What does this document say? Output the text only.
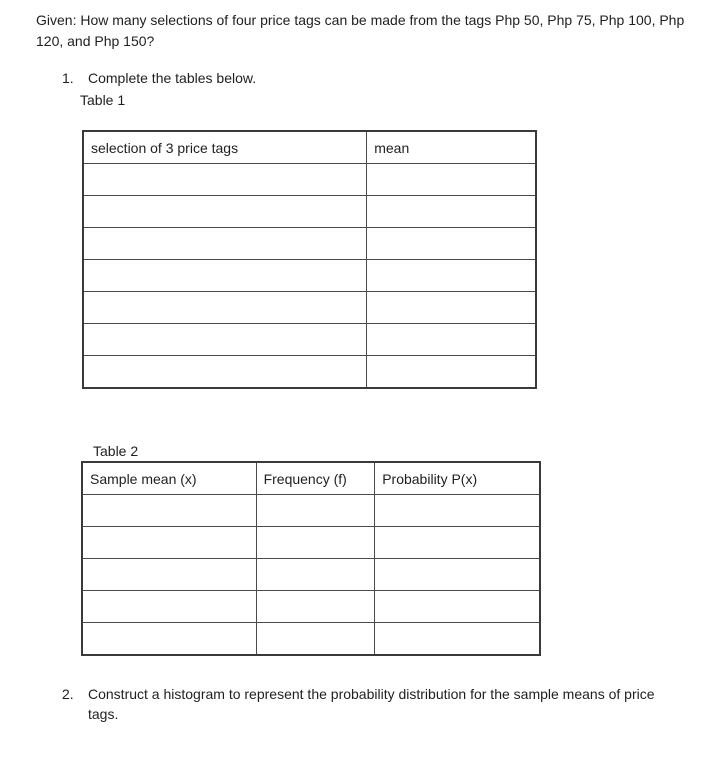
Given: How many selections of four price tags can be made from the tags Php 50, Php 75, Php 100, Php 120, and Php 150?

1. Complete the tables below.

Table 1

selection of 3 price tags	mean

Table 2

Sample mean (x)	Frequency (f)	Probability P(x)

2.	Construct a histogram to represent the probability distribution for the sample means of price tags.
